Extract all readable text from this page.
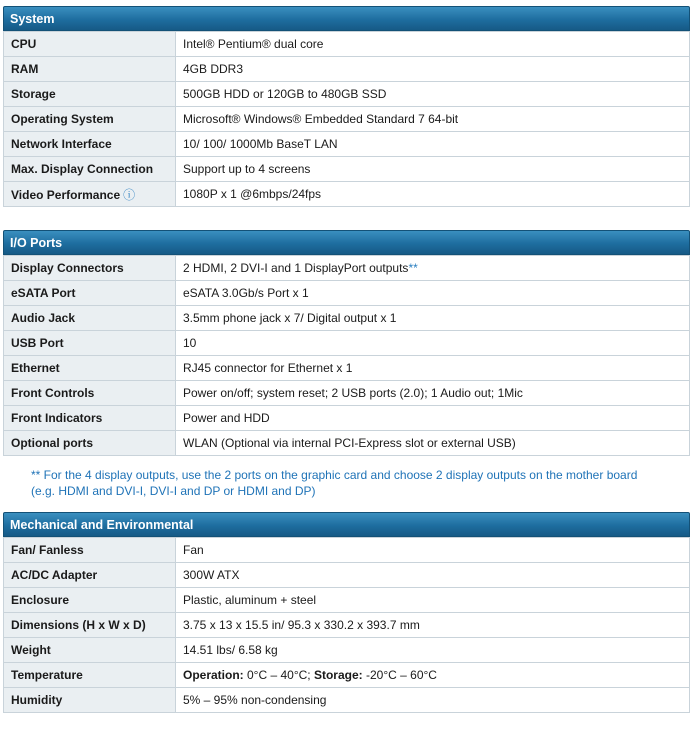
System
CPU	Intel® Pentium® dual core
RAM	4GB DDR3
Storage	500GB HDD or 120GB to 480GB SSD
Operating System	Microsoft® Windows® Embedded Standard 7 64-bit
Network Interface	10/ 100/ 1000Mb BaseT LAN
Max. Display Connection	Support up to 4 screens
Video Performance ⓘ	1080P x 1 @6mbps/24fps
I/O Ports
Display Connectors	2 HDMI, 2 DVI-I and 1 DisplayPort outputs**
eSATA Port	eSATA 3.0Gb/s Port x 1
Audio Jack	3.5mm phone jack x 7/ Digital output x 1
USB Port	10
Ethernet	RJ45 connector for Ethernet x 1
Front Controls	Power on/off; system reset; 2 USB ports (2.0); 1 Audio out; 1Mic
Front Indicators	Power and HDD
Optional ports	WLAN (Optional via internal PCI-Express slot or external USB)
** For the 4 display outputs, use the 2 ports on the graphic card and choose 2 display outputs on the mother board
(e.g. HDMI and DVI-I, DVI-I and DP or HDMI and DP)
Mechanical and Environmental
Fan/ Fanless	Fan
AC/DC Adapter	300W ATX
Enclosure	Plastic, aluminum + steel
Dimensions (H x W x D)	3.75 x 13 x 15.5 in/ 95.3 x 330.2 x 393.7 mm
Weight	14.51 lbs/ 6.58 kg
Temperature	Operation: 0°C – 40°C; Storage: -20°C – 60°C
Humidity	5% – 95% non-condensing
